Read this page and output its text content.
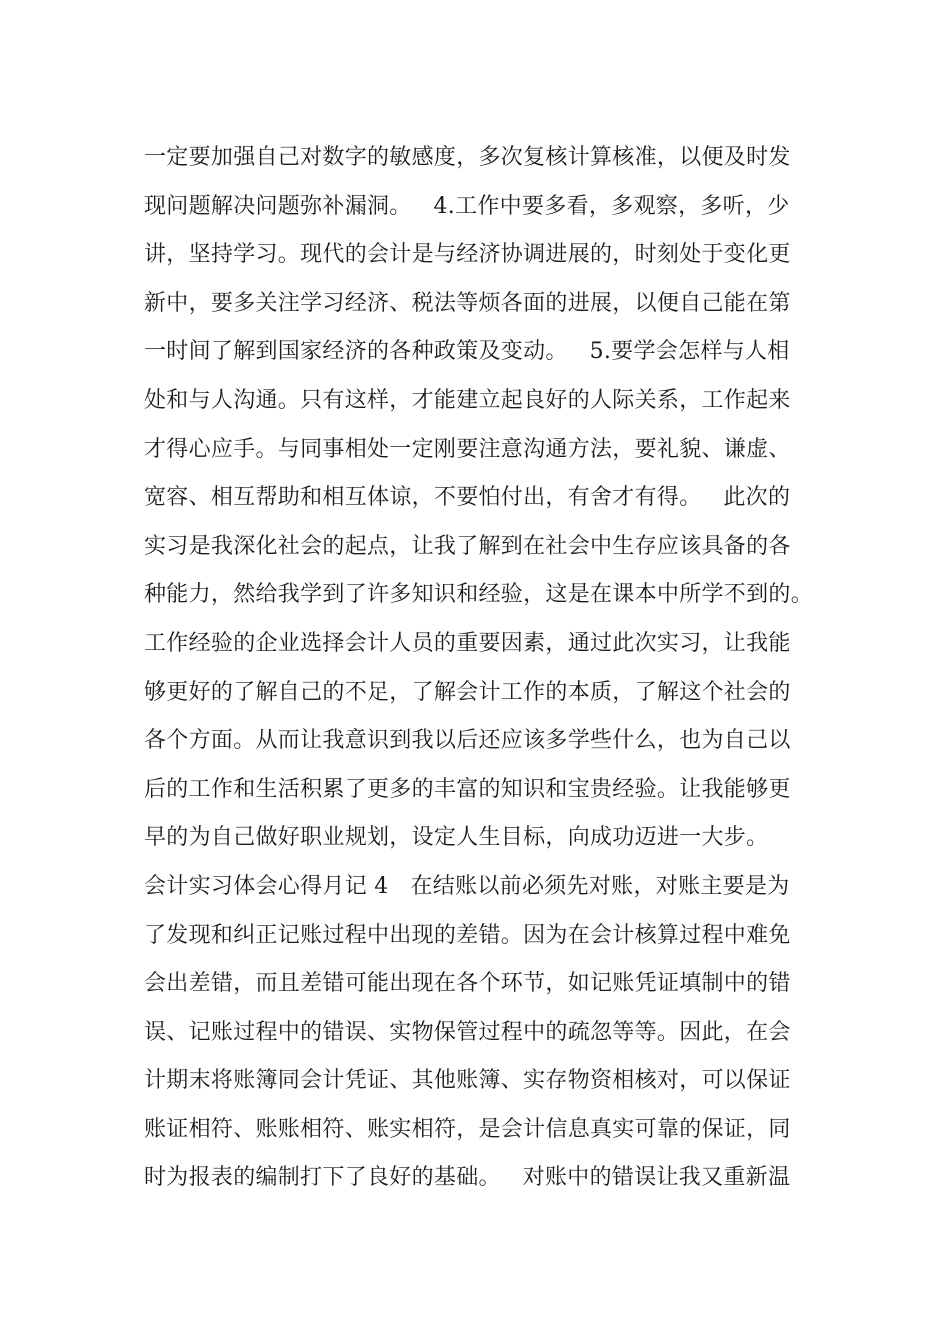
一定要加强自己对数字的敏感度，多次复核计算核准，以便及时发
现问题解决问题弥补漏洞。   4.工作中要多看，多观察，多听，少
讲，坚持学习。现代的会计是与经济协调进展的，时刻处于变化更
新中，要多关注学习经济、税法等烦各面的进展，以便自己能在第
一时间了解到国家经济的各种政策及变动。   5.要学会怎样与人相
处和与人沟通。只有这样，才能建立起良好的人际关系，工作起来
才得心应手。与同事相处一定刚要注意沟通方法，要礼貌、谦虚、
宽容、相互帮助和相互体谅，不要怕付出，有舍才有得。   此次的
实习是我深化社会的起点，让我了解到在社会中生存应该具备的各
种能力，然给我学到了许多知识和经验，这是在课本中所学不到的。
工作经验的企业选择会计人员的重要因素，通过此次实习，让我能
够更好的了解自己的不足，了解会计工作的本质，了解这个社会的
各个方面。从而让我意识到我以后还应该多学些什么，也为自己以
后的工作和生活积累了更多的丰富的知识和宝贵经验。让我能够更
早的为自己做好职业规划，设定人生目标，向成功迈进一大步。
会计实习体会心得月记 4   在结账以前必须先对账，对账主要是为
了发现和纠正记账过程中出现的差错。因为在会计核算过程中难免
会出差错，而且差错可能出现在各个环节，如记账凭证填制中的错
误、记账过程中的错误、实物保管过程中的疏忽等等。因此，在会
计期末将账簿同会计凭证、其他账簿、实存物资相核对，可以保证
账证相符、账账相符、账实相符，是会计信息真实可靠的保证，同
时为报表的编制打下了良好的基础。   对账中的错误让我又重新温
